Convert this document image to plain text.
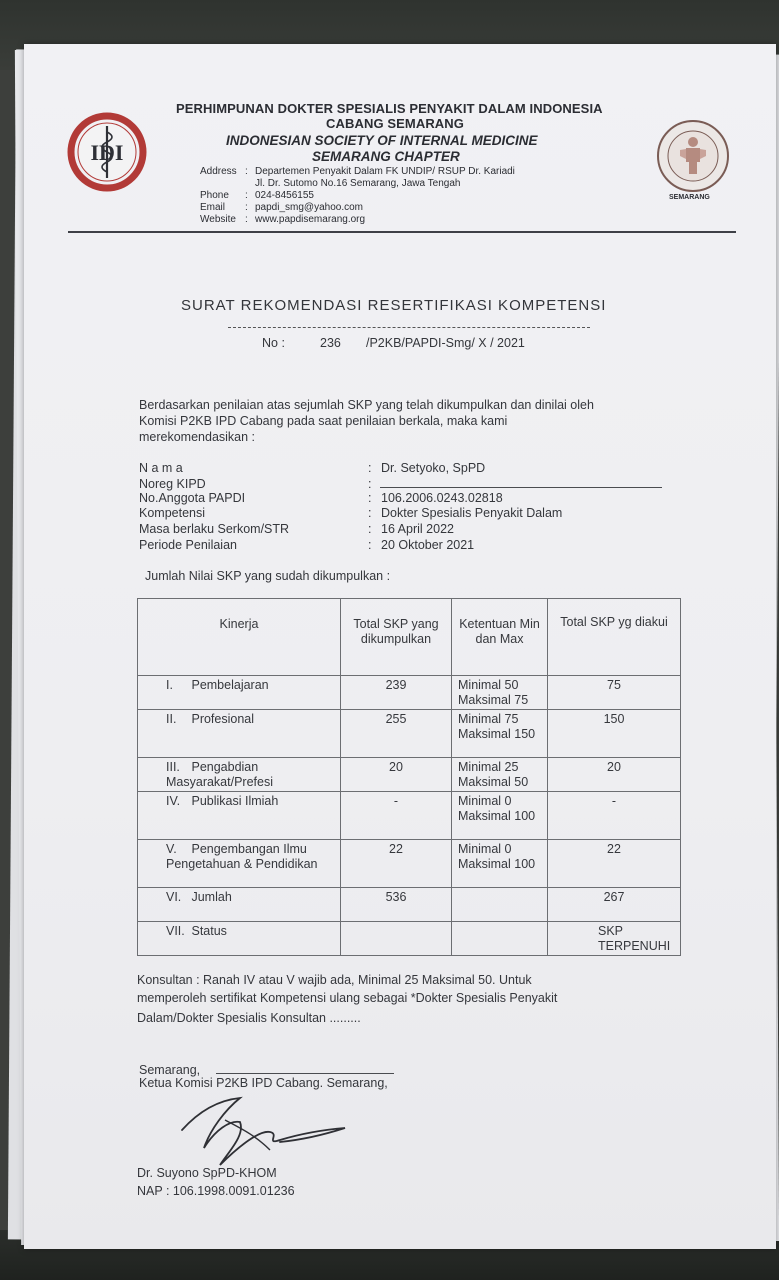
IDI
PERHIMPUNAN DOKTER SPESIALIS PENYAKIT DALAM INDONESIA
CABANG SEMARANG
INDONESIAN SOCIETY OF INTERNAL MEDICINE
SEMARANG CHAPTER
Address : Departemen Penyakit Dalam FK UNDIP/ RSUP Dr. Kariadi
Jl. Dr. Sutomo No.16 Semarang, Jawa Tengah
Phone : 024-8456155
Email : papdi_smg@yahoo.com
Website : www.papdisemarang.org
SEMARANG
SURAT REKOMENDASI RESERTIFIKASI KOMPETENSI
No :	236 /P2KB/PAPDI-Smg/ X / 2021
Berdasarkan penilaian atas sejumlah SKP yang telah dikumpulkan dan dinilai oleh
Komisi P2KB IPD Cabang pada saat penilaian berkala, maka kami
merekomendasikan :
N a m a	: Dr. Setyoko, SpPD
Noreg KIPD	:
No.Anggota PAPDI	: 106.2006.0243.02818
Kompetensi	: Dokter Spesialis Penyakit Dalam
Masa berlaku Serkom/STR	: 16 April 2022
Periode Penilaian	: 20 Oktober 2021
Jumlah Nilai SKP yang sudah dikumpulkan :
Kinerja	Total SKP yang dikumpulkan	Ketentuan Min dan Max	Total SKP yg diakui
I. Pembelajaran	239	Minimal 50 Maksimal 75	75
II. Profesional	255	Minimal 75 Maksimal 150	150
III. Pengabdian Masyarakat/Prefesi	20	Minimal 25 Maksimal 50	20
IV. Publikasi Ilmiah	-	Minimal 0 Maksimal 100	-
V. Pengembangan Ilmu Pengetahuan & Pendidikan	22	Minimal 0 Maksimal 100	22
VI. Jumlah	536		267
VII. Status			SKP TERPENUHI
Konsultan : Ranah IV atau V wajib ada, Minimal 25 Maksimal 50. Untuk
memperoleh sertifikat Kompetensi ulang sebagai *Dokter Spesialis Penyakit
Dalam/Dokter Spesialis Konsultan .........
Semarang,
Ketua Komisi P2KB IPD Cabang. Semarang,
Dr. Suyono SpPD-KHOM
NAP : 106.1998.0091.01236
